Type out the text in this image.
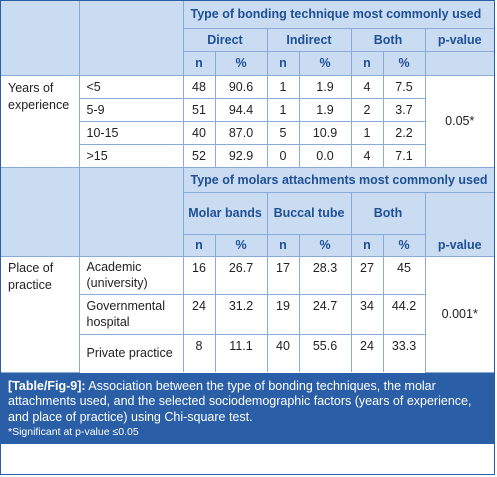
		Type of bonding technique most commonly used						
		Direct		Indirect		Both		p-value
		n	%	n	%	n	%	
Years of experience	<5	48	90.6	1	1.9	4	7.5	0.05*
	5-9	51	94.4	1	1.9	2	3.7	
	10-15	40	87.0	5	10.9	1	2.2	
	>15	52	92.9	0	0.0	4	7.1	
		Type of molars attachments most commonly used						
		Molar bands		Buccal tube		Both		p-value
		n	%	n	%	n	%	
Place of practice	Academic (university)	16	26.7	17	28.3	27	45	0.001*
	Governmental hospital	24	31.2	19	24.7	34	44.2	
	Private practice	8	11.1	40	55.6	24	33.3	
[Table/Fig-9]: Association between the type of bonding techniques, the molar attachments used, and the selected sociodemographic factors (years of experience, and place of practice) using Chi-square test.
*Significant at p-value ≤0.05
